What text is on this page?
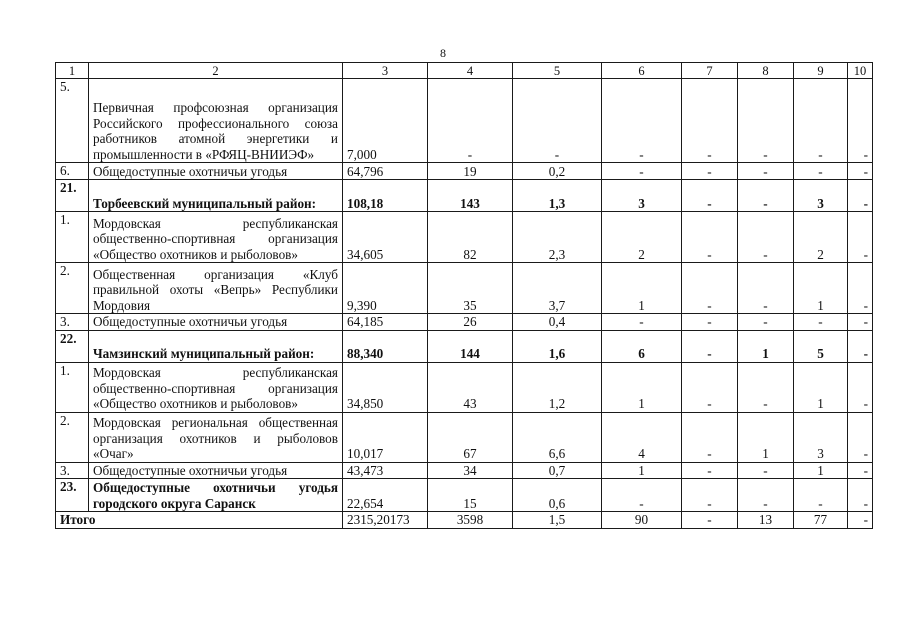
8
1	2	3	4	5	6	7	8	9	10
5.	Первичная профсоюзная организация Российского профессионального союза работников атомной энергетики и промышленности в «РФЯЦ-ВНИИЭФ»	7,000	-	-	-	-	-	-	-
6.	Общедоступные охотничьи угодья	64,796	19	0,2	-	-	-	-	-
21.	Торбеевский муниципальный район:	108,18	143	1,3	3	-	-	3	-
1.	Мордовская республиканская общественно-спортивная организация «Общество охотников и рыболовов»	34,605	82	2,3	2	-	-	2	-
2.	Общественная организация «Клуб правильной охоты «Вепрь» Республики Мордовия	9,390	35	3,7	1	-	-	1	-
3.	Общедоступные охотничьи угодья	64,185	26	0,4	-	-	-	-	-
22.	Чамзинский муниципальный район:	88,340	144	1,6	6	-	1	5	-
1.	Мордовская республиканская общественно-спортивная организация «Общество охотников и рыболовов»	34,850	43	1,2	1	-	-	1	-
2.	Мордовская региональная общественная организация охотников и рыболовов «Очаг»	10,017	67	6,6	4	-	1	3	-
3.	Общедоступные охотничьи угодья	43,473	34	0,7	1	-	-	1	-
23.	Общедоступные охотничьи угодья городского округа Саранск	22,654	15	0,6	-	-	-	-	-
Итого		2315,20173	3598	1,5	90	-	13	77	-
